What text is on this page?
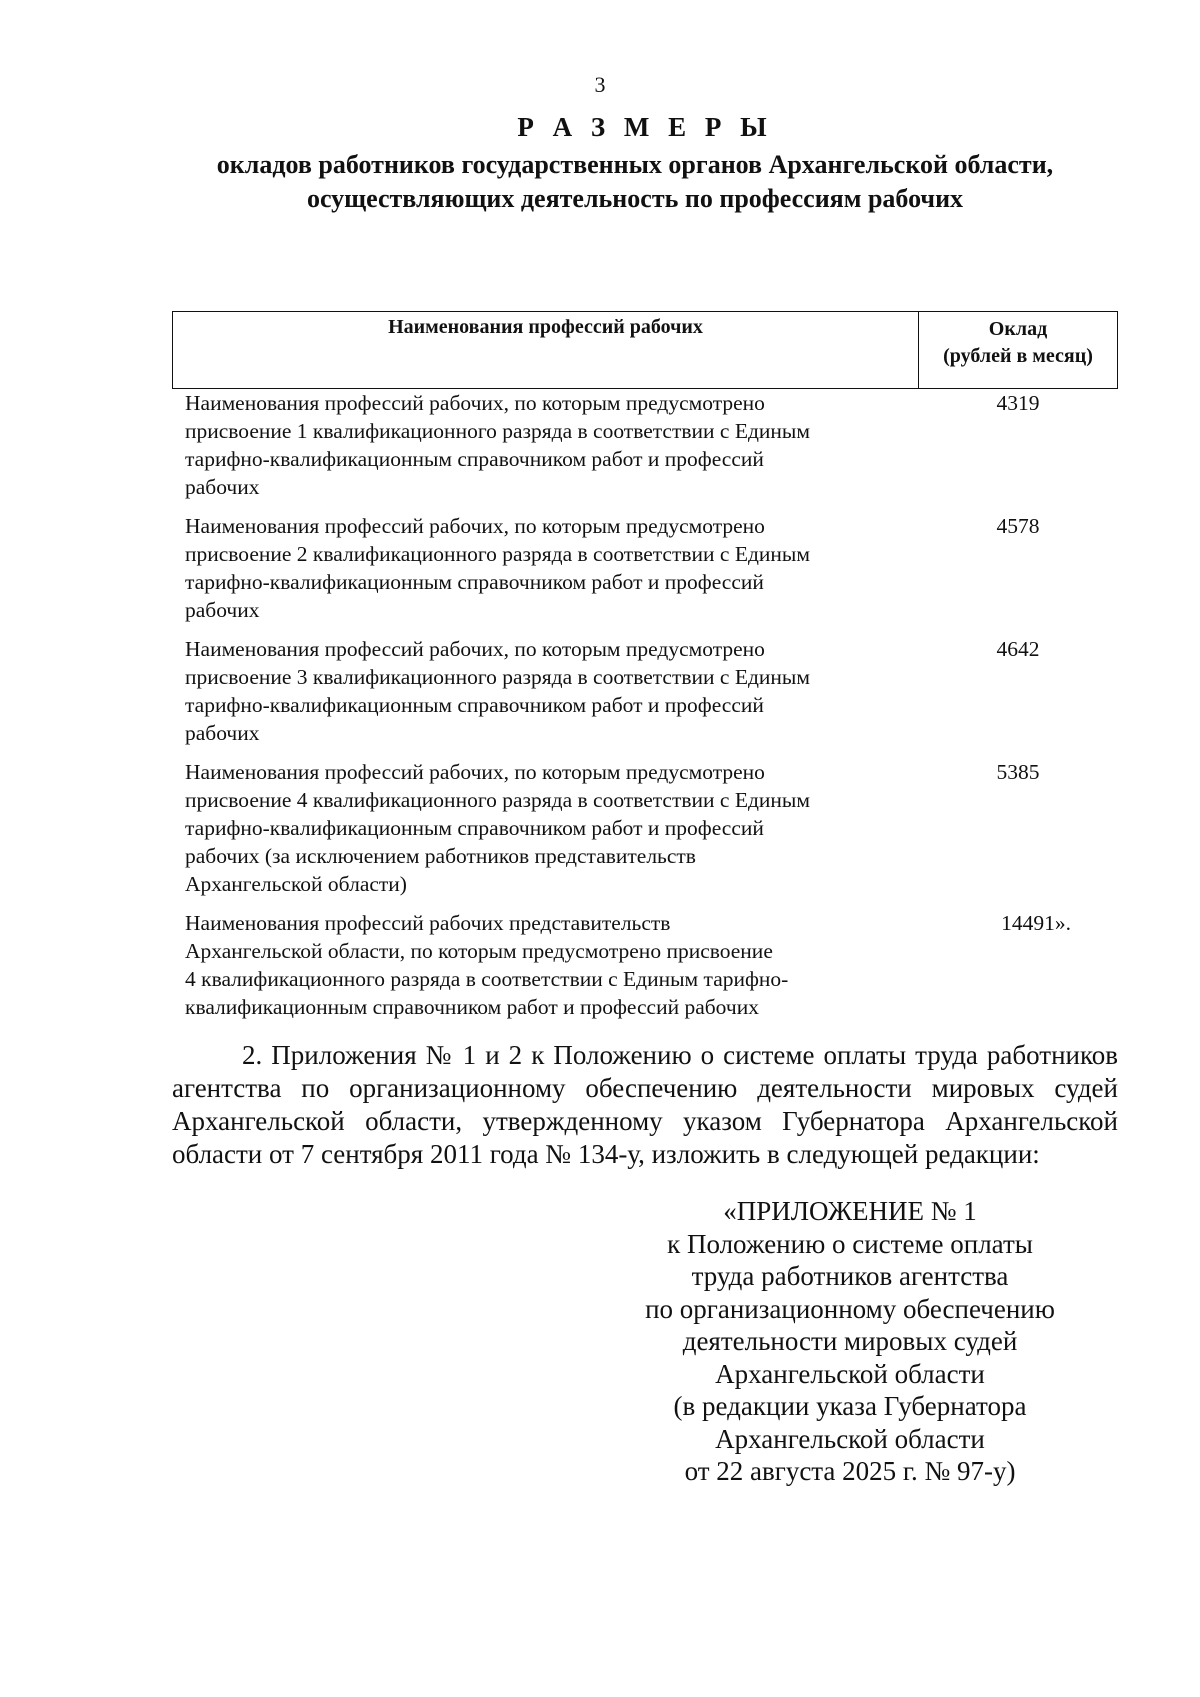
3
Р А З М Е Р Ы
окладов работников государственных органов Архангельской области,
осуществляющих деятельность по профессиям рабочих
Наименования профессий рабочих	Оклад
(рублей в месяц)
Наименования профессий рабочих, по которым предусмотрено
присвоение 1 квалификационного разряда в соответствии с Единым
тарифно-квалификационным справочником работ и профессий
рабочих
4319
Наименования профессий рабочих, по которым предусмотрено
присвоение 2 квалификационного разряда в соответствии с Единым
тарифно-квалификационным справочником работ и профессий
рабочих
4578
Наименования профессий рабочих, по которым предусмотрено
присвоение 3 квалификационного разряда в соответствии с Единым
тарифно-квалификационным справочником работ и профессий
рабочих
4642
Наименования профессий рабочих, по которым предусмотрено
присвоение 4 квалификационного разряда в соответствии с Единым
тарифно-квалификационным справочником работ и профессий
рабочих (за исключением работников представительств
Архангельской области)
5385
Наименования профессий рабочих представительств
Архангельской области, по которым предусмотрено присвоение
4 квалификационного разряда в соответствии с Единым тарифно-
квалификационным справочником работ и профессий рабочих
14491».
2. Приложения № 1 и 2 к Положению о системе оплаты труда работников агентства по организационному обеспечению деятельности мировых судей Архангельской области, утвержденному указом Губернатора Архангельской области от 7 сентября 2011 года № 134-у, изложить в следующей редакции:
«ПРИЛОЖЕНИЕ № 1
к Положению о системе оплаты
труда работников агентства
по организационному обеспечению
деятельности мировых судей
Архангельской области
(в редакции указа Губернатора
Архангельской области
от 22 августа 2025 г. № 97-у)
